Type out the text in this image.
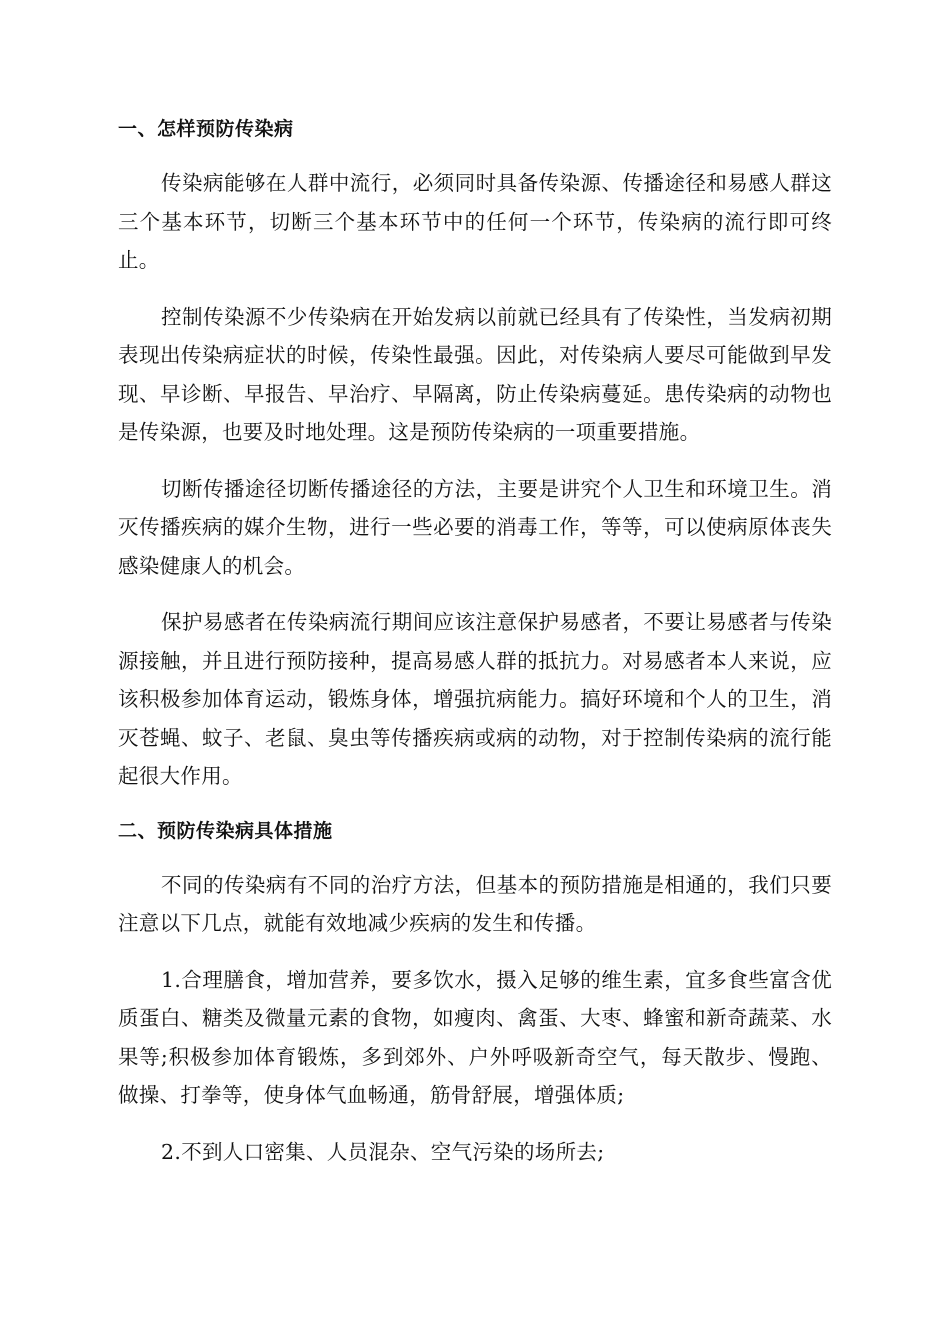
一、怎样预防传染病

传染病能够在人群中流行，必须同时具备传染源、传播途径和易感人群这三个基本环节，切断三个基本环节中的任何一个环节，传染病的流行即可终止。

控制传染源不少传染病在开始发病以前就已经具有了传染性，当发病初期表现出传染病症状的时候，传染性最强。因此，对传染病人要尽可能做到早发现、早诊断、早报告、早治疗、早隔离，防止传染病蔓延。患传染病的动物也是传染源，也要及时地处理。这是预防传染病的一项重要措施。

切断传播途径切断传播途径的方法，主要是讲究个人卫生和环境卫生。消灭传播疾病的媒介生物，进行一些必要的消毒工作，等等，可以使病原体丧失感染健康人的机会。

保护易感者在传染病流行期间应该注意保护易感者，不要让易感者与传染源接触，并且进行预防接种，提高易感人群的抵抗力。对易感者本人来说，应该积极参加体育运动，锻炼身体，增强抗病能力。搞好环境和个人的卫生，消灭苍蝇、蚊子、老鼠、臭虫等传播疾病或病的动物，对于控制传染病的流行能起很大作用。

二、预防传染病具体措施

不同的传染病有不同的治疗方法，但基本的预防措施是相通的，我们只要注意以下几点，就能有效地减少疾病的发生和传播。

1.合理膳食，增加营养，要多饮水，摄入足够的维生素，宜多食些富含优质蛋白、糖类及微量元素的食物，如瘦肉、禽蛋、大枣、蜂蜜和新奇蔬菜、水果等;积极参加体育锻炼，多到郊外、户外呼吸新奇空气，每天散步、慢跑、做操、打拳等，使身体气血畅通，筋骨舒展，增强体质;

2.不到人口密集、人员混杂、空气污染的场所去;
